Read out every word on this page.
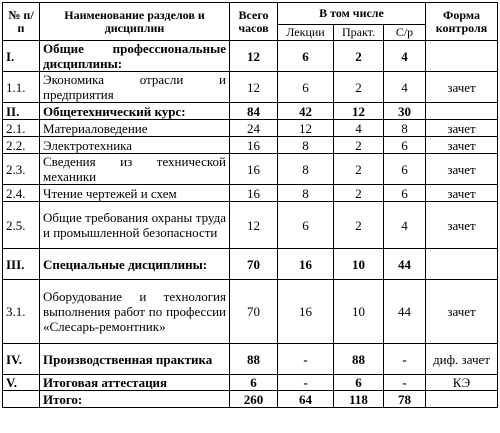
№ п/п	Наименование разделов и дисциплин	Всего часов	В том числе			Форма контроля
			Лекции	Практ.	С/р	
I.	Общие профессиональные дисциплины:	12	6	2	4	
1.1.	Экономика отрасли и предприятия	12	6	2	4	зачет
II.	Общетехнический курс:	84	42	12	30	
2.1.	Материаловедение	24	12	4	8	зачет
2.2.	Электротехника	16	8	2	6	зачет
2.3.	Сведения из технической механики	16	8	2	6	зачет
2.4.	Чтение чертежей и схем	16	8	2	6	зачет
2.5.	Общие требования охраны труда и промышленной безопасности	12	6	2	4	зачет
III.	Специальные дисциплины:	70	16	10	44	
3.1.	Оборудование и технология выполнения работ по профессии «Слесарь-ремонтник»	70	16	10	44	зачет
IV.	Производственная практика	88	-	88	-	диф. зачет
V.	Итоговая аттестация	6	-	6	-	КЭ
	Итого:	260	64	118	78	
